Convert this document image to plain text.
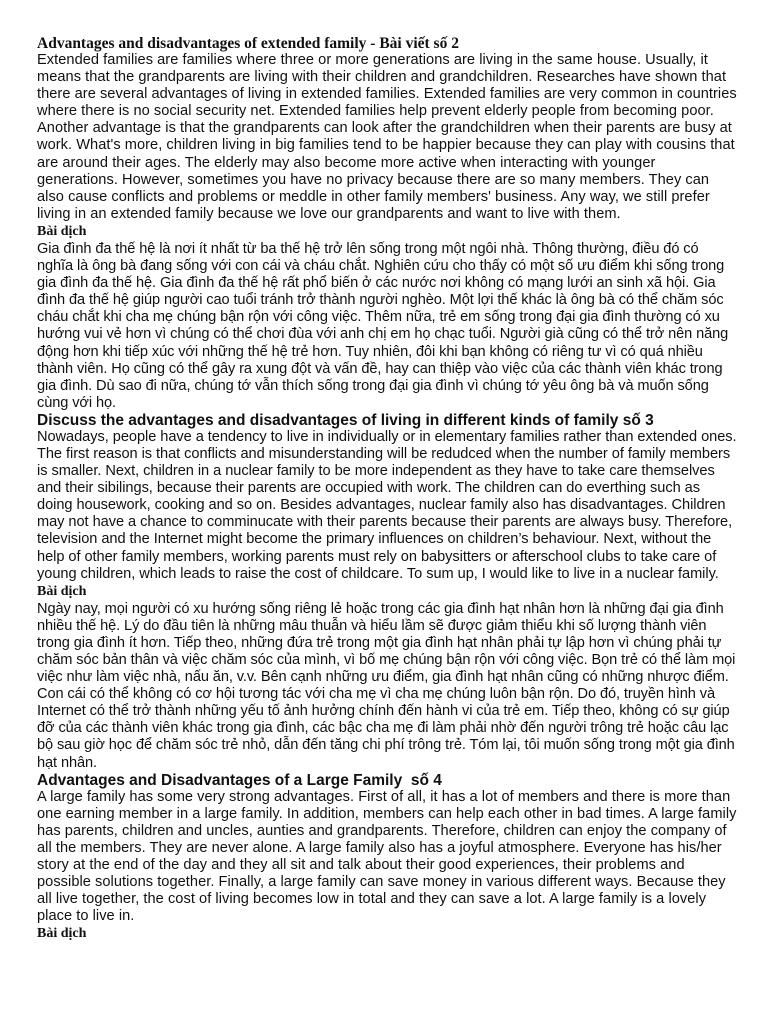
Advantages and disadvantages of extended family - Bài viết số 2

Extended families are families where three or more generations are living in the same house. Usually, it means that the grandparents are living with their children and grandchildren. Researches have shown that there are several advantages of living in extended families. Extended families are very common in countries where there is no social security net. Extended families help prevent elderly people from becoming poor. Another advantage is that the grandparents can look after the grandchildren when their parents are busy at work. What's more, children living in big families tend to be happier because they can play with cousins that are around their ages. The elderly may also become more active when interacting with younger generations. However, sometimes you have no privacy because there are so many members. They can also cause conflicts and problems or meddle in other family members' business. Any way, we still prefer living in an extended family because we love our grandparents and want to live with them.

Bài dịch

Gia đình đa thế hệ là nơi ít nhất từ ba thế hệ trở lên sống trong một ngôi nhà. Thông thường, điều đó có nghĩa là ông bà đang sống với con cái và cháu chắt. Nghiên cứu cho thấy có một số ưu điểm khi sống trong gia đình đa thế hệ. Gia đình đa thế hệ rất phổ biến ở các nước nơi không có mạng lưới an sinh xã hội. Gia đình đa thế hệ giúp người cao tuổi tránh trở thành người nghèo. Một lợi thế khác là ông bà có thể chăm sóc cháu chắt khi cha mẹ chúng bận rộn với công việc. Thêm nữa, trẻ em sống trong đại gia đình thường có xu hướng vui vẻ hơn vì chúng có thể chơi đùa với anh chị em họ chạc tuổi. Người già cũng có thể trở nên năng động hơn khi tiếp xúc với những thế hệ trẻ hơn. Tuy nhiên, đôi khi bạn không có riêng tư vì có quá nhiều thành viên. Họ cũng có thể gây ra xung đột và vấn đề, hay can thiệp vào việc của các thành viên khác trong gia đình. Dù sao đi nữa, chúng tớ vẫn thích sống trong đại gia đình vì chúng tớ yêu ông bà và muốn sống cùng với họ.

Discuss the advantages and disadvantages of living in different kinds of family số 3

Nowadays, people have a tendency to live in individually or in elementary families rather than extended ones. The first reason is that conflicts and misunderstanding will be redudced when the number of family members is smaller. Next, children in a nuclear family to be more independent as they have to take care themselves and their sibilings, because their parents are occupied with work. The children can do everthing such as doing housework, cooking and so on. Besides advantages, nuclear family also has disadvantages. Children may not have a chance to comminucate with their parents because their parents are always busy. Therefore, television and the Internet might become the primary influences on children’s behaviour. Next, without the help of other family members, working parents must rely on babysitters or afterschool clubs to take care of young children, which leads to raise the cost of childcare. To sum up, I would like to live in a nuclear family.

Bài dịch

Ngày nay, mọi người có xu hướng sống riêng lẻ hoặc trong các gia đình hạt nhân hơn là những đại gia đình nhiều thế hệ. Lý do đầu tiên là những mâu thuẫn và hiểu lầm sẽ được giảm thiểu khi số lượng thành viên trong gia đình ít hơn. Tiếp theo, những đứa trẻ trong một gia đình hạt nhân phải tự lập hơn vì chúng phải tự chăm sóc bản thân và việc chăm sóc của mình, vì bố mẹ chúng bận rộn với công việc. Bọn trẻ có thể làm mọi việc như làm việc nhà, nấu ăn, v.v. Bên cạnh những ưu điểm, gia đình hạt nhân cũng có những nhược điểm. Con cái có thể không có cơ hội tương tác với cha mẹ vì cha mẹ chúng luôn bận rộn. Do đó, truyền hình và Internet có thể trở thành những yếu tố ảnh hưởng chính đến hành vi của trẻ em. Tiếp theo, không có sự giúp đỡ của các thành viên khác trong gia đình, các bậc cha mẹ đi làm phải nhờ đến người trông trẻ hoặc câu lạc bộ sau giờ học để chăm sóc trẻ nhỏ, dẫn đến tăng chi phí trông trẻ. Tóm lại, tôi muốn sống trong một gia đình hạt nhân.

Advantages and Disadvantages of a Large Family  số 4

A large family has some very strong advantages. First of all, it has a lot of members and there is more than one earning member in a large family. In addition, members can help each other in bad times. A large family has parents, children and uncles, aunties and grandparents. Therefore, children can enjoy the company of all the members. They are never alone. A large family also has a joyful atmosphere. Everyone has his/her story at the end of the day and they all sit and talk about their good experiences, their problems and possible solutions together. Finally, a large family can save money in various different ways. Because they all live together, the cost of living becomes low in total and they can save a lot. A large family is a lovely place to live in.

Bài dịch
